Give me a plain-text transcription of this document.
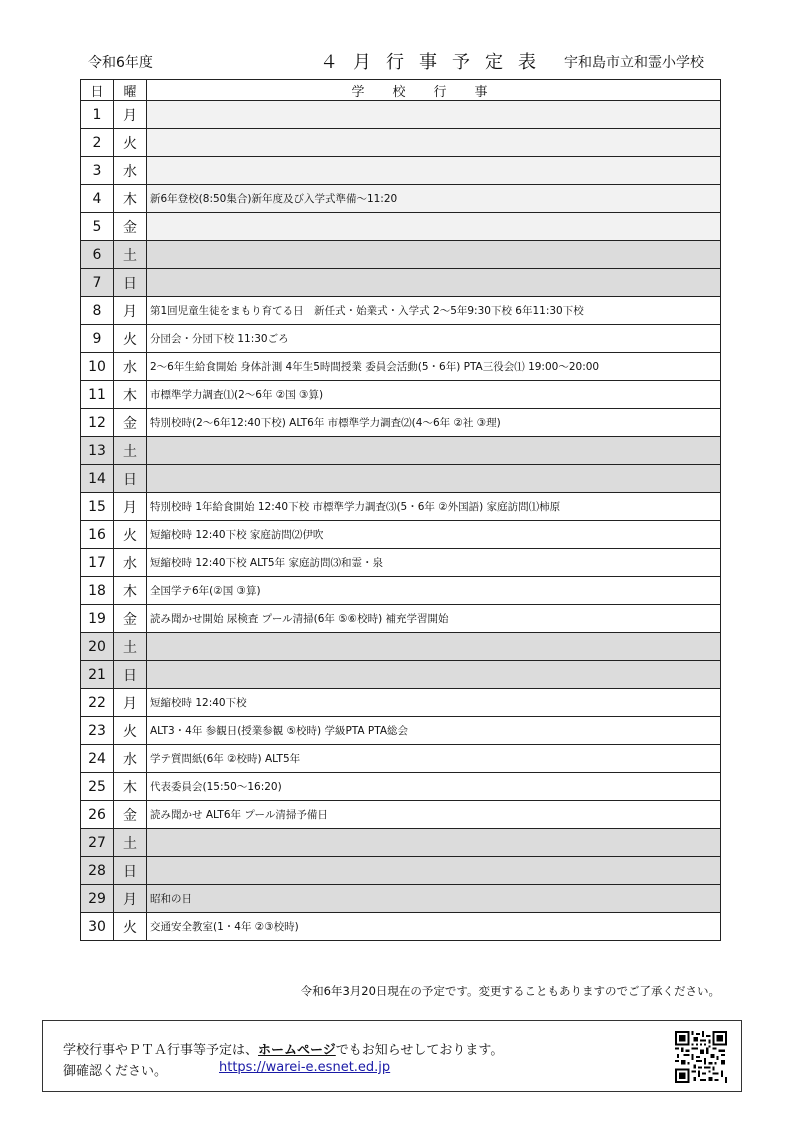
令和6年度	４月行事予定表 宇和島市立和霊小学校
日	曜	学校行事
1	月	
2	火	
3	水	
4	木	新6年登校(8:50集合)新年度及び入学式準備～11:20
5	金	
6	土	
7	日	
8	月	第1回児童生徒をまもり育てる日　新任式・始業式・入学式 2～5年9:30下校 6年11:30下校
9	火	分団会・分団下校 11:30ごろ
10	水	2～6年生給食開始 身体計測 4年生5時間授業 委員会活動(5・6年) PTA三役会⑴ 19:00～20:00
11	木	市標準学力調査⑴(2～6年 ②国 ③算)
12	金	特別校時(2～6年12:40下校) ALT6年 市標準学力調査⑵(4～6年 ②社 ③理)
13	土	
14	日	
15	月	特別校時 1年給食開始 12:40下校 市標準学力調査⑶(5・6年 ②外国語) 家庭訪問⑴柿原
16	火	短縮校時 12:40下校 家庭訪問⑵伊吹
17	水	短縮校時 12:40下校 ALT5年 家庭訪問⑶和霊・泉
18	木	全国学テ6年(②国 ③算)
19	金	読み聞かせ開始 尿検査 プール清掃(6年 ⑤⑥校時) 補充学習開始
20	土	
21	日	
22	月	短縮校時 12:40下校
23	火	ALT3・4年 参観日(授業参観 ⑤校時) 学級PTA PTA総会
24	水	学テ質問紙(6年 ②校時) ALT5年
25	木	代表委員会(15:50～16:20)
26	金	読み聞かせ ALT6年 プール清掃予備日
27	土	
28	日	
29	月	昭和の日
30	火	交通安全教室(1・4年 ②③校時)
令和6年3月20日現在の予定です。変更することもありますのでご了承ください。
学校行事やＰＴＡ行事等予定は、ホームページでもお知らせしております。
御確認ください。	https://warei-e.esnet.ed.jp
